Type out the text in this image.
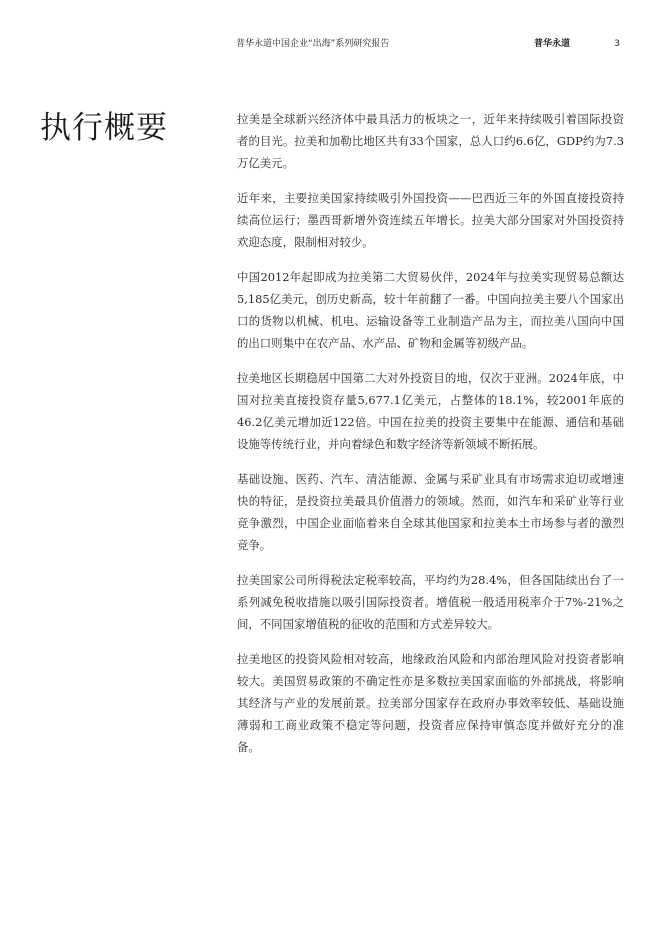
普华永道中国企业“出海”系列研究报告	普华永道	3
执行概要	拉美是全球新兴经济体中最具活力的板块之一，近年来持续吸引着国际投资者的目光。拉美和加勒比地区共有33个国家，总人口约6.6亿，GDP约为7.3万亿美元。

近年来，主要拉美国家持续吸引外国投资——巴西近三年的外国直接投资持续高位运行；墨西哥新增外资连续五年增长。拉美大部分国家对外国投资持欢迎态度，限制相对较少。

中国2012年起即成为拉美第二大贸易伙伴，2024年与拉美实现贸易总额达5,185亿美元，创历史新高，较十年前翻了一番。中国向拉美主要八个国家出口的货物以机械、机电、运输设备等工业制造产品为主，而拉美八国向中国的出口则集中在农产品、水产品、矿物和金属等初级产品。

拉美地区长期稳居中国第二大对外投资目的地，仅次于亚洲。2024年底，中国对拉美直接投资存量5,677.1亿美元，占整体的18.1%，较2001年底的46.2亿美元增加近122倍。中国在拉美的投资主要集中在能源、通信和基础设施等传统行业，并向着绿色和数字经济等新领域不断拓展。

基础设施、医药、汽车、清洁能源、金属与采矿业具有市场需求迫切或增速快的特征，是投资拉美最具价值潜力的领域。然而，如汽车和采矿业等行业竞争激烈，中国企业面临着来自全球其他国家和拉美本土市场参与者的激烈竞争。

拉美国家公司所得税法定税率较高，平均约为28.4%，但各国陆续出台了一系列减免税收措施以吸引国际投资者。增值税一般适用税率介于7%-21%之间，不同国家增值税的征收的范围和方式差异较大。

拉美地区的投资风险相对较高，地缘政治风险和内部治理风险对投资者影响较大。美国贸易政策的不确定性亦是多数拉美国家面临的外部挑战，将影响其经济与产业的发展前景。拉美部分国家存在政府办事效率较低、基础设施薄弱和工商业政策不稳定等问题，投资者应保持审慎态度并做好充分的准备。
